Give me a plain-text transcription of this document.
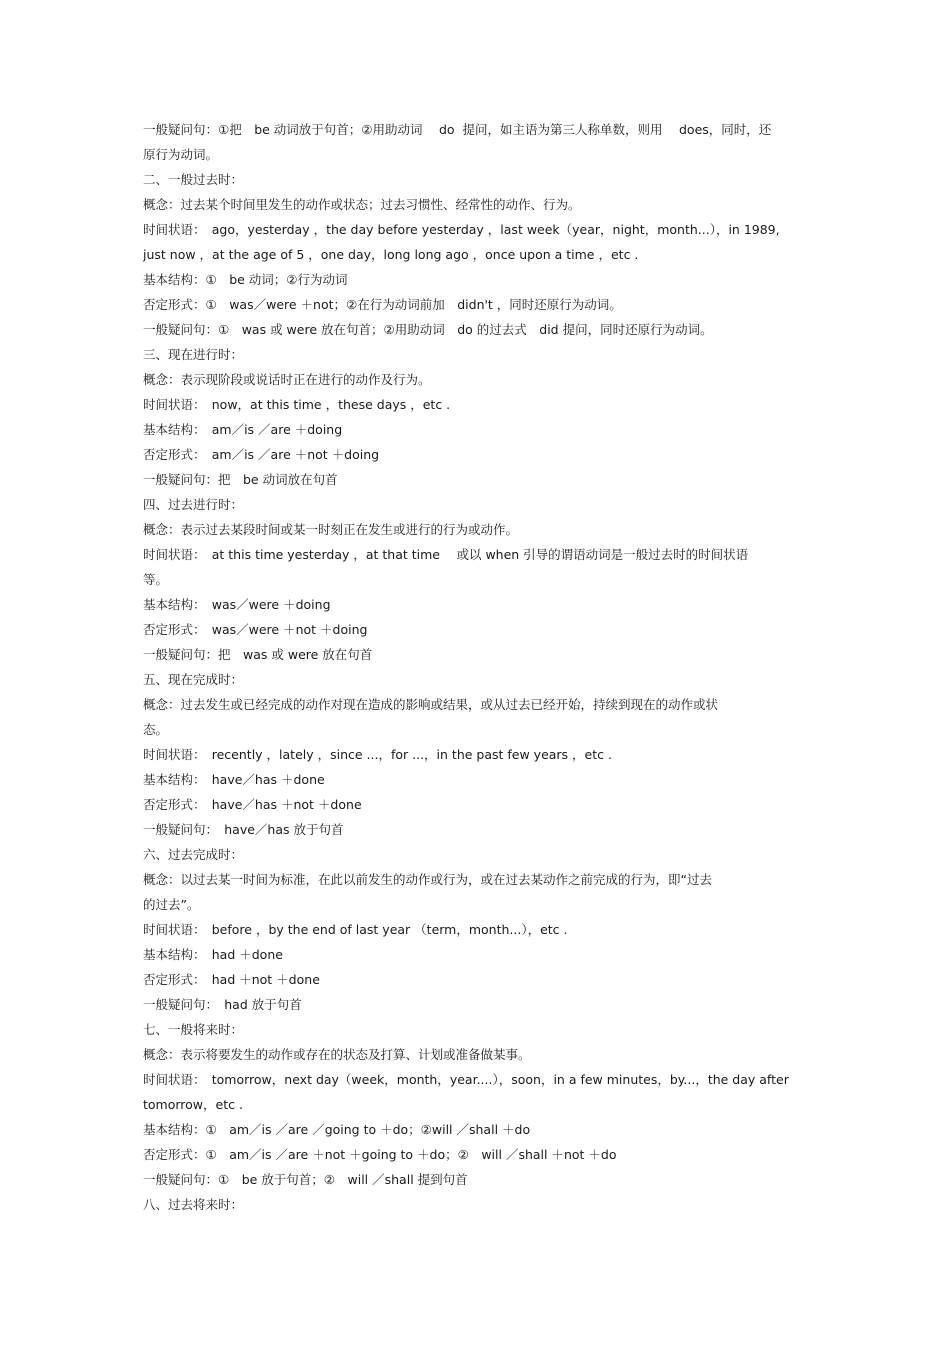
一般疑问句：①把　be 动词放于句首；②用助动词　 do  提问，如主语为第三人称单数，则用　 does，同时，还
原行为动词。
二、一般过去时：
概念：过去某个时间里发生的动作或状态；过去习惯性、经常性的动作、行为。
时间状语：　ago，yesterday ，the day before yesterday ，last week（year，night，month...），in 1989,
just now ，at the age of 5 ，one day，long long ago ，once upon a time ，etc .
基本结构：①　be 动词；②行为动词
否定形式：①　was／were ＋not；②在行为动词前加　didn't ，同时还原行为动词。
一般疑问句：①　was 或 were 放在句首；②用助动词　do 的过去式　did 提问，同时还原行为动词。
三、现在进行时：
概念：表示现阶段或说话时正在进行的动作及行为。
时间状语：　now，at this time ，these days ，etc .
基本结构：　am／is ／are ＋doing
否定形式：　am／is ／are ＋not ＋doing
一般疑问句：把　be 动词放在句首
四、过去进行时：
概念：表示过去某段时间或某一时刻正在发生或进行的行为或动作。
时间状语：　at this time yesterday ，at that time 　或以 when 引导的谓语动词是一般过去时的时间状语
等。
基本结构：　was／were ＋doing
否定形式：　was／were ＋not ＋doing
一般疑问句：把　was 或 were 放在句首
五、现在完成时：
概念：过去发生或已经完成的动作对现在造成的影响或结果，或从过去已经开始，持续到现在的动作或状
态。
时间状语：　recently ，lately ，since ...，for ...，in the past few years ，etc .
基本结构：　have／has ＋done
否定形式：　have／has ＋not ＋done
一般疑问句：　have／has 放于句首
六、过去完成时：
概念：以过去某一时间为标准，在此以前发生的动作或行为，或在过去某动作之前完成的行为，即“过去
的过去”。
时间状语：　before ，by the end of last year （term，month...），etc .
基本结构：　had ＋done
否定形式：　had ＋not ＋done
一般疑问句：　had 放于句首
七、一般将来时：
概念：表示将要发生的动作或存在的状态及打算、计划或准备做某事。
时间状语：　tomorrow，next day（week，month，year....），soon，in a few minutes，by...，the day after
tomorrow，etc .
基本结构：①　am／is ／are ／going to ＋do；②will ／shall ＋do
否定形式：①　am／is ／are ＋not ＋going to ＋do；②　will ／shall ＋not ＋do
一般疑问句：①　be 放于句首；②　will ／shall 提到句首
八、过去将来时：
